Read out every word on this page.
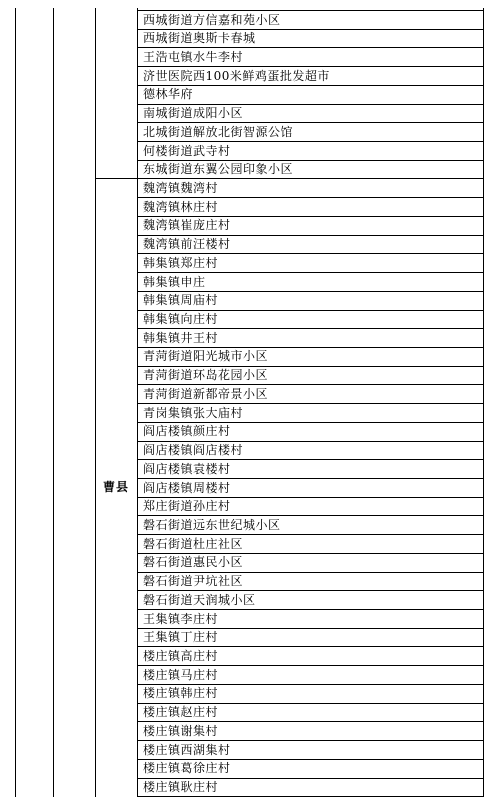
西城街道方信嘉和苑小区
西城街道奥斯卡春城
王浩屯镇水牛李村
济世医院西100米鲜鸡蛋批发超市
德林华府
南城街道成阳小区
北城街道解放北街智源公馆
何楼街道武寺村
东城街道东翼公园印象小区
魏湾镇魏湾村
魏湾镇林庄村
魏湾镇崔庞庄村
魏湾镇前汪楼村
韩集镇郑庄村
韩集镇申庄
韩集镇周庙村
韩集镇向庄村
韩集镇井王村
青菏街道阳光城市小区
青菏街道环岛花园小区
青菏街道新都帝景小区
青岗集镇张大庙村
阎店楼镇颜庄村
阎店楼镇阎店楼村
阎店楼镇袁楼村
阎店楼镇周楼村
郑庄街道孙庄村
磐石街道远东世纪城小区
磐石街道杜庄社区
磐石街道惠民小区
磐石街道尹坑社区
磐石街道天润城小区
王集镇李庄村
王集镇丁庄村
楼庄镇高庄村
楼庄镇马庄村
楼庄镇韩庄村
楼庄镇赵庄村
楼庄镇谢集村
楼庄镇西湖集村
楼庄镇葛徐庄村
楼庄镇耿庄村
曹县
